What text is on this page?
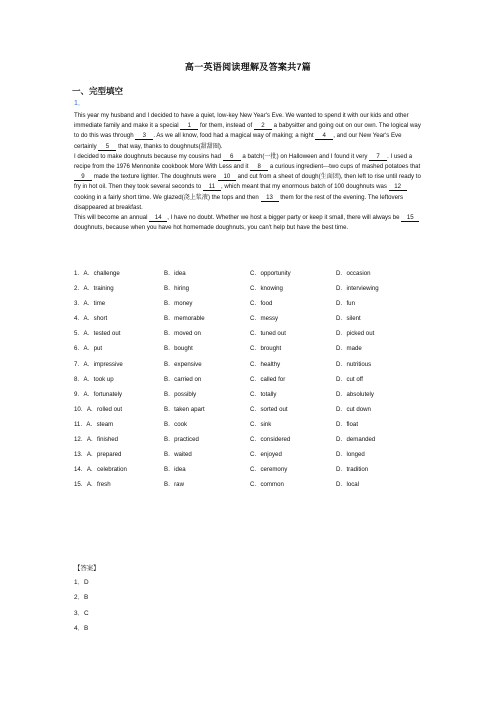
高一英语阅读理解及答案共7篇
一、完型填空
1．

This year my husband and I decided to have a quiet, low-key New Year's Eve. We wanted to spend it with our kids and other immediate family and make it a special 1 for them, instead of 2 a babysitter and going out on our own. The logical way to do this was through 3 . As we all know, food had a magical way of making; a night 4 , and our New Year's Eve certainly 5 that way, thanks to doughnuts(甜甜圈).

I decided to make doughnuts because my cousins had 6 a batch(一批) on Halloween and I found it very 7 . I used a recipe from the 1976 Mennonite cookbook More With Less and it 8 a curious ingredient---two cups of mashed potatoes that 9 made the texture lighter. The doughnuts were 10 and cut from a sheet of dough(生面团), then left to rise until ready to fry in hot oil. Then they took several seconds to 11 , which meant that my enormous batch of 100 doughnuts was 12 cooking in a fairly short time. We glazed(浇上浆液) the tops and then 13 them for the rest of the evening. The leftovers disappeared at breakfast.

This will become an annual 14 , I have no doubt. Whether we host a bigger party or keep it small, there will always be 15 doughnuts, because when you have hot homemade doughnuts, you can't help but have the best time.

1．A．challenge	B．idea	C．opportunity	D．occasion
2．A．training	B．hiring	C．knowing	D．interviewing
3．A．time	B．money	C．food	D．fun
4．A．short	B．memorable	C．messy	D．silent
5．A．tested out	B．moved on	C．tuned out	D．picked out
6．A．put	B．bought	C．brought	D．made
7．A．impressive	B．expensive	C．healthy	D．nutritious
8．A．took up	B．carried on	C．called for	D．cut off
9．A．fortunately	B．possibly	C．totally	D．absolutely
10．A．rolled out	B．taken apart	C．sorted out	D．cut down
11．A．steam	B．cook	C．sink	D．float
12．A．finished	B．practiced	C．considered	D．demanded
13．A．prepared	B．waited	C．enjoyed	D．longed
14．A．celebration	B．idea	C．ceremony	D．tradition
15．A．fresh	B．raw	C．common	D．local
【答案】
1．D
2．B
3．C
4．B
